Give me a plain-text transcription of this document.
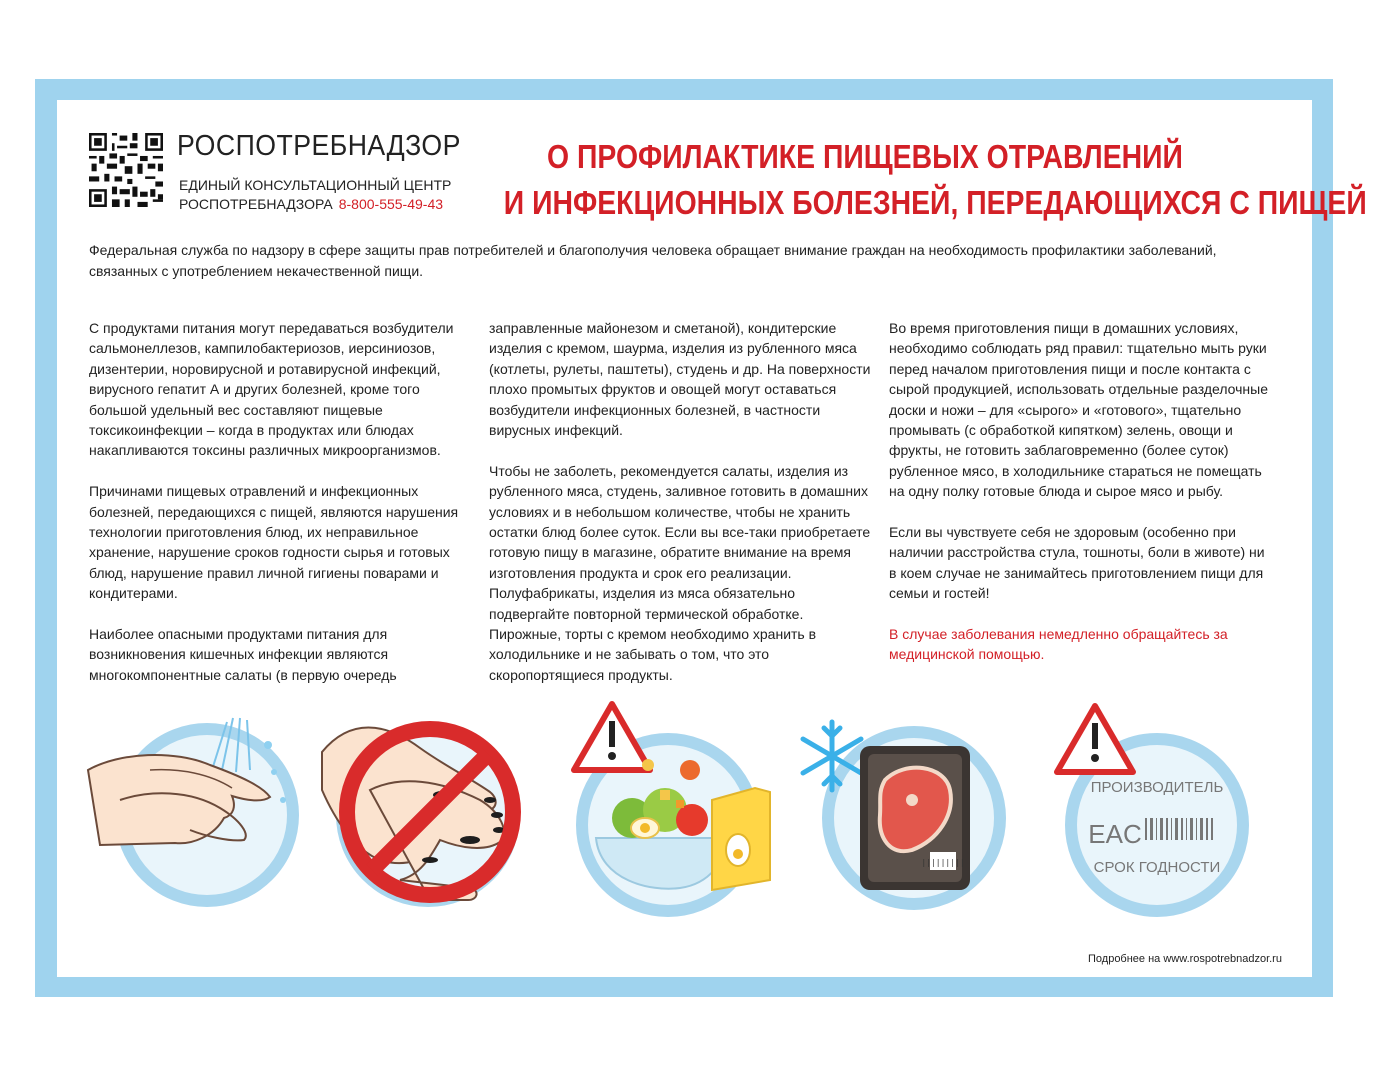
РОСПОТРЕБНАДЗОР
ЕДИНЫЙ КОНСУЛЬТАЦИОННЫЙ ЦЕНТР
РОСПОТРЕБНАДЗОРА 8-800-555-49-43
О ПРОФИЛАКТИКЕ ПИЩЕВЫХ ОТРАВЛЕНИЙ
И ИНФЕКЦИОННЫХ БОЛЕЗНЕЙ, ПЕРЕДАЮЩИХСЯ С ПИЩЕЙ
Федеральная служба по надзору в сфере защиты прав потребителей и благополучия человека обращает внимание граждан на необходимость профилактики заболеваний, связанных с употреблением некачественной пищи.

С продуктами питания могут передаваться возбудители сальмонеллезов, кампилобактериозов, иерсиниозов, дизентерии, норовирусной и ротавирусной инфекций, вирусного гепатит А и других болезней, кроме того большой удельный вес составляют пищевые токсикоинфекции – когда в продуктах или блюдах накапливаются токсины различных микроорганизмов.

Причинами пищевых отравлений и инфекционных болезней, передающихся с пищей, являются нарушения технологии приготовления блюд, их неправильное хранение, нарушение сроков годности сырья и готовых блюд, нарушение правил личной гигиены поварами и кондитерами.

Наиболее опасными продуктами питания для возникновения кишечных инфекции являются многокомпонентные салаты (в первую очередь

заправленные майонезом и сметаной), кондитерские изделия с кремом, шаурма, изделия из рубленного мяса (котлеты, рулеты, паштеты), студень и др. На поверхности плохо промытых фруктов и овощей могут оставаться возбудители инфекционных болезней, в частности вирусных инфекций.

Чтобы не заболеть, рекомендуется салаты, изделия из рубленного мяса, студень, заливное готовить в домашних условиях и в небольшом количестве, чтобы не хранить остатки блюд более суток. Если вы все-таки приобретаете готовую пищу в магазине, обратите внимание на время изготовления продукта и срок его реализации. Полуфабрикаты, изделия из мяса обязательно подвергайте повторной термической обработке. Пирожные, торты с кремом необходимо хранить в холодильнике и не забывать о том, что это скоропортящиеся продукты.

Во время приготовления пищи в домашних условиях, необходимо соблюдать ряд правил: тщательно мыть руки перед началом приготовления пищи и после контакта с сырой продукцией, использовать отдельные разделочные доски и ножи – для «сырого» и «готового», тщательно промывать (с обработкой кипятком) зелень, овощи и фрукты, не готовить заблаговременно (более суток) рубленное мясо, в холодильнике стараться не помещать на одну полку готовые блюда и сырое мясо и рыбу.

Если вы чувствуете себя не здоровым (особенно при наличии расстройства стула, тошноты, боли в животе) ни в коем случае не занимайтесь приготовлением пищи для семьи и гостей!

В случае заболевания немедленно обращайтесь за медицинской помощью.

|||||||||
ПРОИЗВОДИТЕЛЬ
EAC
СРОК ГОДНОСТИ
Подробнее на www.rospotrebnadzor.ru
